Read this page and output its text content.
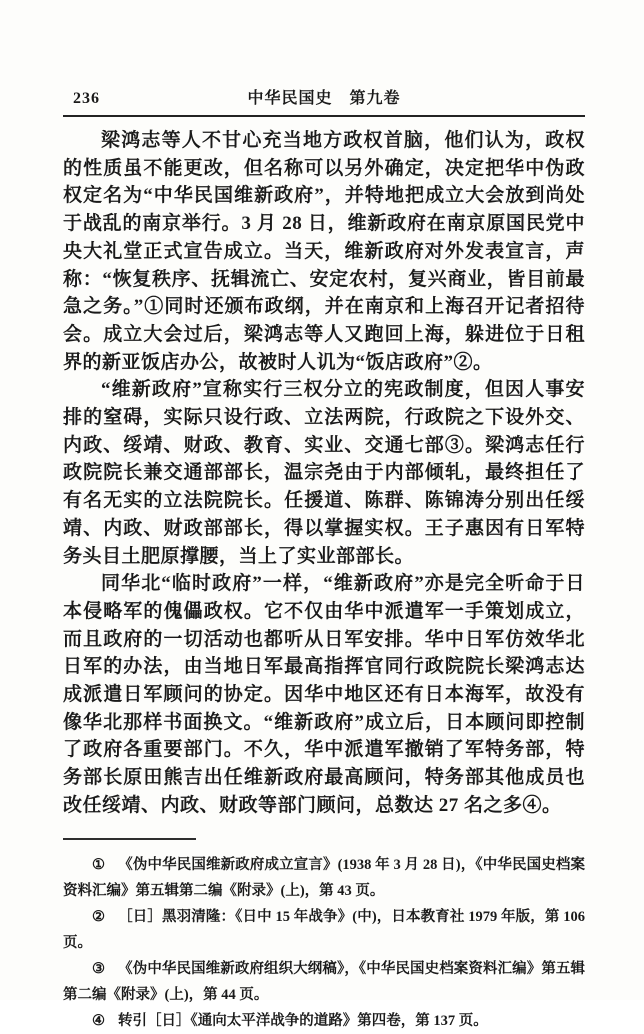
236	中华民国史　第九卷

梁鸿志等人不甘心充当地方政权首脑，他们认为，政权的性质虽不能更改，但名称可以另外确定，决定把华中伪政权定名为“中华民国维新政府”，并特地把成立大会放到尚处于战乱的南京举行。3 月 28 日，维新政府在南京原国民党中央大礼堂正式宣告成立。当天，维新政府对外发表宣言，声称：“恢复秩序、抚辑流亡、安定农村，复兴商业，皆目前最急之务。”①同时还颁布政纲，并在南京和上海召开记者招待会。成立大会过后，梁鸿志等人又跑回上海，躲进位于日租界的新亚饭店办公，故被时人讥为“饭店政府”②。

“维新政府”宣称实行三权分立的宪政制度，但因人事安排的窒碍，实际只设行政、立法两院，行政院之下设外交、内政、绥靖、财政、教育、实业、交通七部③。梁鸿志任行政院院长兼交通部部长，温宗尧由于内部倾轧，最终担任了有名无实的立法院院长。任援道、陈群、陈锦涛分别出任绥靖、内政、财政部部长，得以掌握实权。王子惠因有日军特务头目土肥原撑腰，当上了实业部部长。

同华北“临时政府”一样，“维新政府”亦是完全听命于日本侵略军的傀儡政权。它不仅由华中派遣军一手策划成立，而且政府的一切活动也都听从日军安排。华中日军仿效华北日军的办法，由当地日军最高指挥官同行政院院长梁鸿志达成派遣日军顾问的协定。因华中地区还有日本海军，故没有像华北那样书面换文。“维新政府”成立后，日本顾问即控制了政府各重要部门。不久，华中派遣军撤销了军特务部，特务部长原田熊吉出任维新政府最高顾问，特务部其他成员也改任绥靖、内政、财政等部门顾问，总数达 27 名之多④。

① 《伪中华民国维新政府成立宣言》(1938 年 3 月 28 日)，《中华民国史档案资料汇编》第五辑第二编《附录》(上)，第 43 页。

② ［日］黑羽清隆：《日中 15 年战争》(中)，日本教育社 1979 年版，第 106 页。

③ 《伪中华民国维新政府组织大纲稿》，《中华民国史档案资料汇编》第五辑第二编《附录》(上)，第 44 页。

④ 转引［日］《通向太平洋战争的道路》第四卷，第 137 页。
